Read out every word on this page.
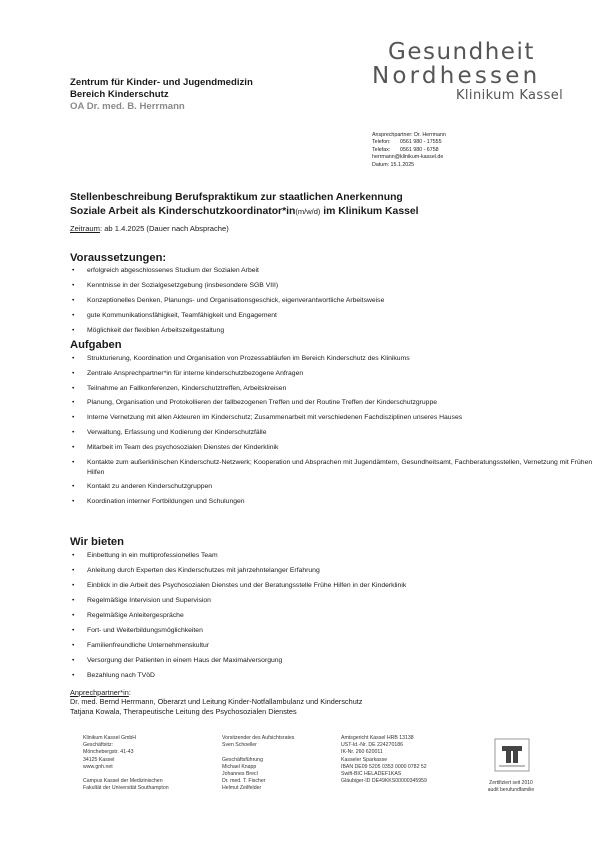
Gesundheit
Nordhessen
Klinikum Kassel
Zentrum für Kinder- und Jugendmedizin
Bereich Kinderschutz
OA Dr. med. B. Herrmann
Ansprechpartner: Dr. Herrmann
Telefon: 0561 980 - 17555
Telefax: 0561 980 - 6758
herrmann@klinikum-kassel.de
Datum: 15.1.2025
Stellenbeschreibung Berufspraktikum zur staatlichen Anerkennung
Soziale Arbeit als Kinderschutzkoordinator*in(m/w/d) im Klinikum Kassel
Zeitraum: ab 1.4.2025 (Dauer nach Absprache)
Voraussetzungen:
• erfolgreich abgeschlossenes Studium der Sozialen Arbeit
• Kenntnisse in der Sozialgesetzgebung (insbesondere SGB VIII)
• Konzeptionelles Denken, Planungs- und Organisationsgeschick, eigenverantwortliche Arbeitsweise
• gute Kommunikationsfähigkeit, Teamfähigkeit und Engagement
• Möglichkeit der flexiblen Arbeitszeitgestaltung
Aufgaben
• Strukturierung, Koordination und Organisation von Prozessabläufen im Bereich Kinderschutz des Klinikums
• Zentrale Ansprechpartner*in für interne kinderschutzbezogene Anfragen
• Teilnahme an Fallkonferenzen, Kinderschutztreffen, Arbeitskreisen
• Planung, Organisation und Protokollieren der fallbezogenen Treffen und der Routine Treffen der Kinderschutzgruppe
• Interne Vernetzung mit allen Akteuren im Kinderschutz; Zusammenarbeit mit verschiedenen Fachdisziplinen unseres Hauses
• Verwaltung, Erfassung und Kodierung der Kinderschutzfälle
• Mitarbeit im Team des psychosozialen Dienstes der Kinderklinik
• Kontakte zum außerklinischen Kinderschutz-Netzwerk; Kooperation und Absprachen mit Jugendämtern, Gesundheitsamt, Fachberatungsstellen, Vernetzung mit Frühen Hilfen
• Kontakt zu anderen Kinderschutzgruppen
• Koordination interner Fortbildungen und Schulungen
Wir bieten
• Einbettung in ein multiprofessionelles Team
• Anleitung durch Experten des Kinderschutzes mit jahrzehntelanger Erfahrung
• Einblick in die Arbeit des Psychosozialen Dienstes und der Beratungsstelle Frühe Hilfen in der Kinderklinik
• Regelmäßige Intervision und Supervision
• Regelmäßige Anleitergespräche
• Fort- und Weiterbildungsmöglichkeiten
• Familienfreundliche Unternehmenskultur
• Versorgung der Patienten in einem Haus der Maximalversorgung
• Bezahlung nach TVöD
Anprechpartner*in:
Dr. med. Bernd Herrmann, Oberarzt und Leitung Kinder-Notfallambulanz und Kinderschutz
Tatjana Kowala, Therapeutische Leitung des Psychosozialen Dienstes
Klinikum Kassel GmbH
Geschäftsitz:
Mönchebergstr. 41-43
34125 Kassel
www.gnh.net

Campus Kassel der Medizinischen
Fakultät der Universität Southampton
Vorsitzender des Aufsichtsrates
Sven Schoeller

Geschäftsführung
Michael Knapp
Johannes Brecl
Dr. med. T. Fischer
Helmut Zeilfelder
Amtsgericht Kassel HRB 13138
UST-Id.-Nr. DE 224270186
IK-Nr. 260 620011
Kasseler Sparkasse
IBAN DE09 5205 0353 0000 0782 52
Swift-BIC HELADEF1KAS
Gläubiger-ID DE49KKS00000345959	Zertifiziert seit 2010
audit berufundfamilie
